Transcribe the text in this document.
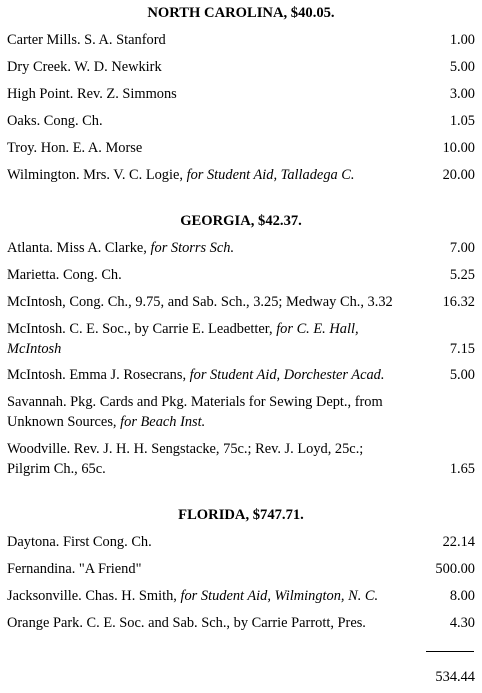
NORTH CAROLINA, $40.05.
Carter Mills. S. A. Stanford	1.00
Dry Creek. W. D. Newkirk	5.00
High Point. Rev. Z. Simmons	3.00
Oaks. Cong. Ch.	1.05
Troy. Hon. E. A. Morse	10.00
Wilmington. Mrs. V. C. Logie, for Student Aid, Talladega C.	20.00
GEORGIA, $42.37.
Atlanta. Miss A. Clarke, for Storrs Sch.	7.00
Marietta. Cong. Ch.	5.25
McIntosh, Cong. Ch., 9.75, and Sab. Sch., 3.25; Medway Ch., 3.32	16.32
McIntosh. C. E. Soc., by Carrie E. Leadbetter, for C. E. Hall,
McIntosh	7.15
McIntosh. Emma J. Rosecrans, for Student Aid, Dorchester Acad.	5.00
Savannah. Pkg. Cards and Pkg. Materials for Sewing Dept., from
Unknown Sources, for Beach Inst.
Woodville. Rev. J. H. H. Sengstacke, 75c.; Rev. J. Loyd, 25c.;
Pilgrim Ch., 65c.	1.65
FLORIDA, $747.71.
Daytona. First Cong. Ch.	22.14
Fernandina. "A Friend"	500.00
Jacksonville. Chas. H. Smith, for Student Aid, Wilmington, N. C.	8.00
Orange Park. C. E. Soc. and Sab. Sch., by Carrie Parrott, Pres.	4.30
534.44
